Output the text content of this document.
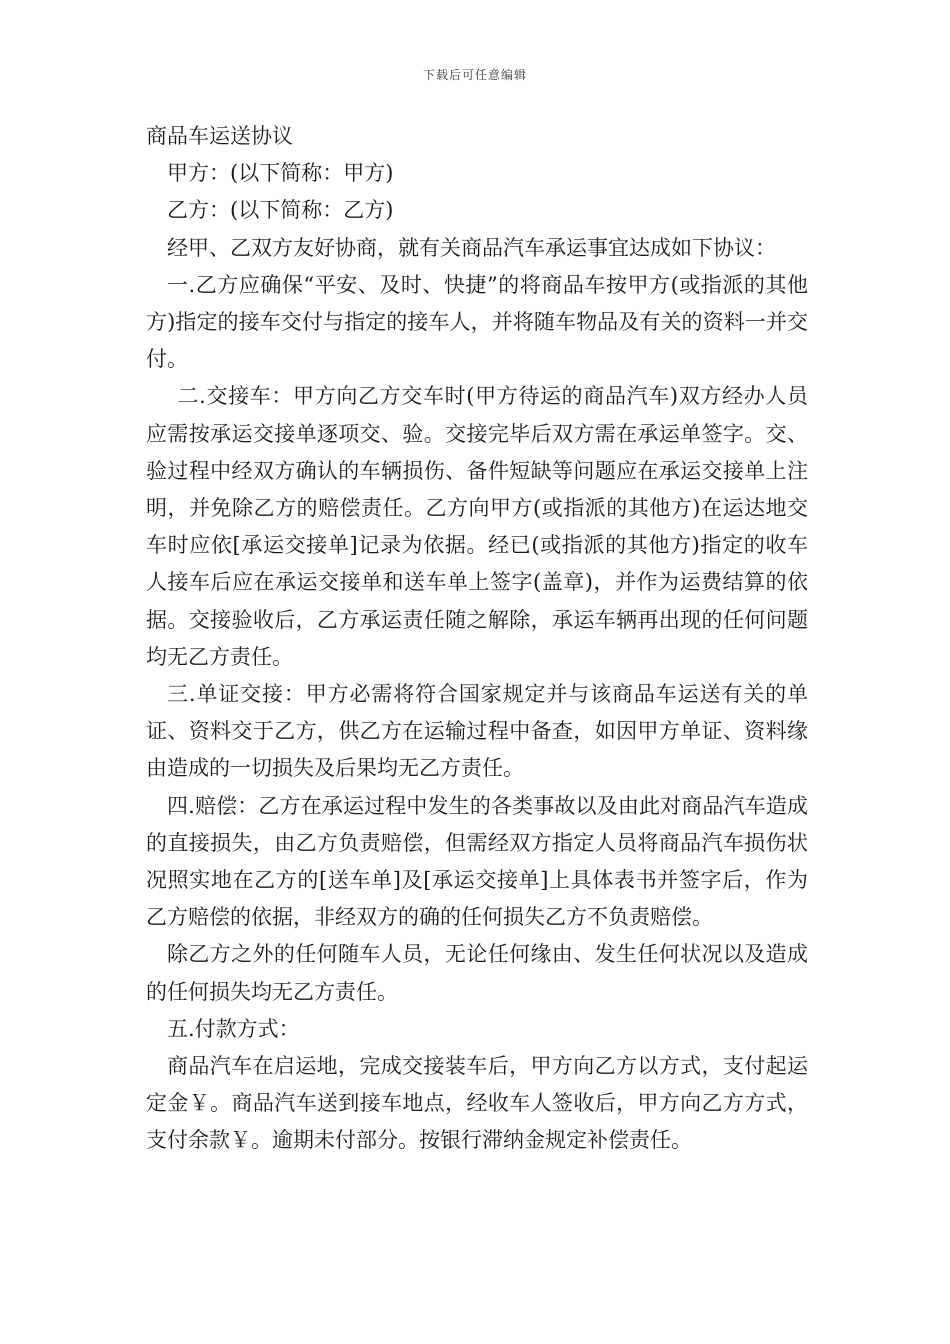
下载后可任意编辑

商品车运送协议

甲方：(以下简称：甲方)

乙方：(以下简称：乙方)

经甲、乙双方友好协商，就有关商品汽车承运事宜达成如下协议：

一.乙方应确保“平安、及时、快捷”的将商品车按甲方(或指派的其他方)指定的接车交付与指定的接车人，并将随车物品及有关的资料一并交付。

二.交接车：甲方向乙方交车时(甲方待运的商品汽车)双方经办人员应需按承运交接单逐项交、验。交接完毕后双方需在承运单签字。交、验过程中经双方确认的车辆损伤、备件短缺等问题应在承运交接单上注明，并免除乙方的赔偿责任。乙方向甲方(或指派的其他方)在运达地交车时应依[承运交接单]记录为依据。经已(或指派的其他方)指定的收车人接车后应在承运交接单和送车单上签字(盖章)，并作为运费结算的依据。交接验收后，乙方承运责任随之解除，承运车辆再出现的任何问题均无乙方责任。

三.单证交接：甲方必需将符合国家规定并与该商品车运送有关的单证、资料交于乙方，供乙方在运输过程中备查，如因甲方单证、资料缘由造成的一切损失及后果均无乙方责任。

四.赔偿：乙方在承运过程中发生的各类事故以及由此对商品汽车造成的直接损失，由乙方负责赔偿，但需经双方指定人员将商品汽车损伤状况照实地在乙方的[送车单]及[承运交接单]上具体表书并签字后，作为乙方赔偿的依据，非经双方的确的任何损失乙方不负责赔偿。

除乙方之外的任何随车人员，无论任何缘由、发生任何状况以及造成的任何损失均无乙方责任。

五.付款方式：

商品汽车在启运地，完成交接装车后，甲方向乙方以方式，支付起运定金￥。商品汽车送到接车地点，经收车人签收后，甲方向乙方方式，支付余款￥。逾期未付部分。按银行滞纳金规定补偿责任。
